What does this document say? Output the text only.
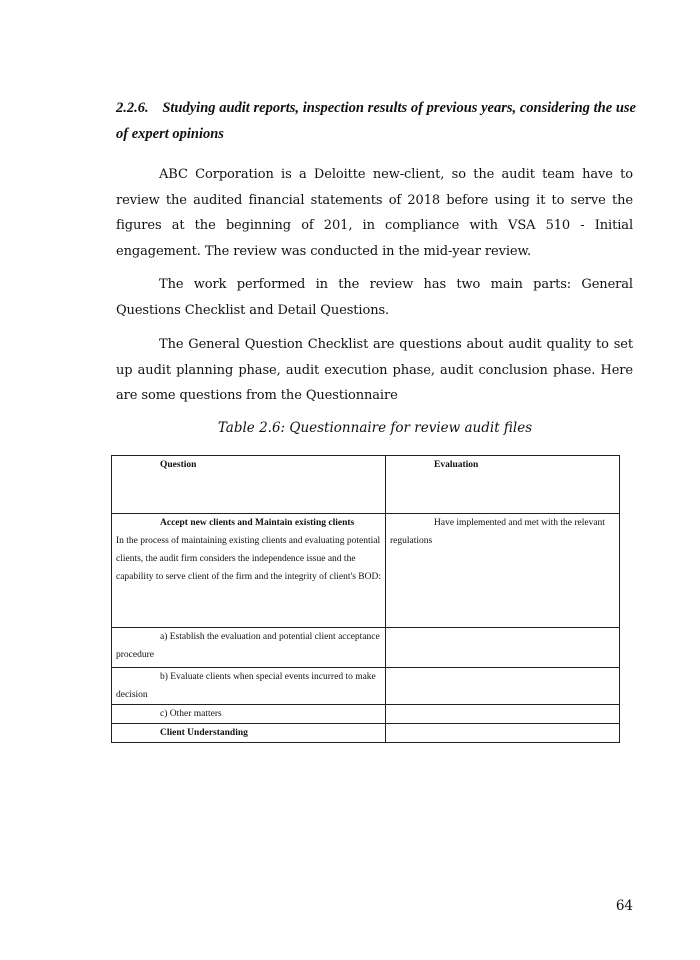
2.2.6. Studying audit reports, inspection results of previous years, considering the use of expert opinions
ABC Corporation is a Deloitte new-client, so the audit team have to review the audited financial statements of 2018 before using it to serve the figures at the beginning of 201, in compliance with VSA 510 - Initial engagement. The review was conducted in the mid-year review.
The work performed in the review has two main parts: General Questions Checklist and Detail Questions.
The General Question Checklist are questions about audit quality to set up audit planning phase, audit execution phase, audit conclusion phase. Here are some questions from the Questionnaire
Table 2.6: Questionnaire for review audit files
Question	Evaluation
Accept new clients and Maintain existing clients
In the process of maintaining existing clients and evaluating potential clients, the audit firm considers the independence issue and the capability to serve client of the firm and the integrity of client's BOD:	Have implemented and met with the relevant regulations

a) Establish the evaluation and potential client acceptance procedure	

b) Evaluate clients when special events incurred to make decision	

c) Other matters	
Client Understanding	
64
